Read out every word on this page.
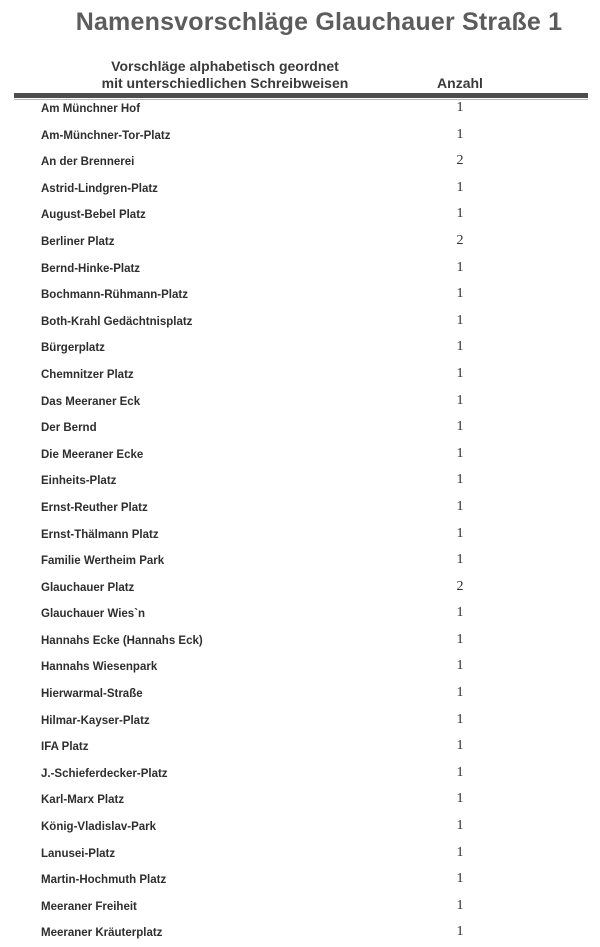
Namensvorschläge Glauchauer Straße 1
Vorschläge alphabetisch geordnet
mit unterschiedlichen Schreibweisen	Anzahl
Am Münchner Hof	1
Am-Münchner-Tor-Platz	1
An der Brennerei	2
Astrid-Lindgren-Platz	1
August-Bebel Platz	1
Berliner Platz	2
Bernd-Hinke-Platz	1
Bochmann-Rühmann-Platz	1
Both-Krahl Gedächtnisplatz	1
Bürgerplatz	1
Chemnitzer Platz	1
Das Meeraner Eck	1
Der Bernd	1
Die Meeraner Ecke	1
Einheits-Platz	1
Ernst-Reuther Platz	1
Ernst-Thälmann Platz	1
Familie Wertheim Park	1
Glauchauer Platz	2
Glauchauer Wies`n	1
Hannahs Ecke (Hannahs Eck)	1
Hannahs Wiesenpark	1
Hierwarmal-Straße	1
Hilmar-Kayser-Platz	1
IFA Platz	1
J.-Schieferdecker-Platz	1
Karl-Marx Platz	1
König-Vladislav-Park	1
Lanusei-Platz	1
Martin-Hochmuth Platz	1
Meeraner Freiheit	1
Meeraner Kräuterplatz	1
